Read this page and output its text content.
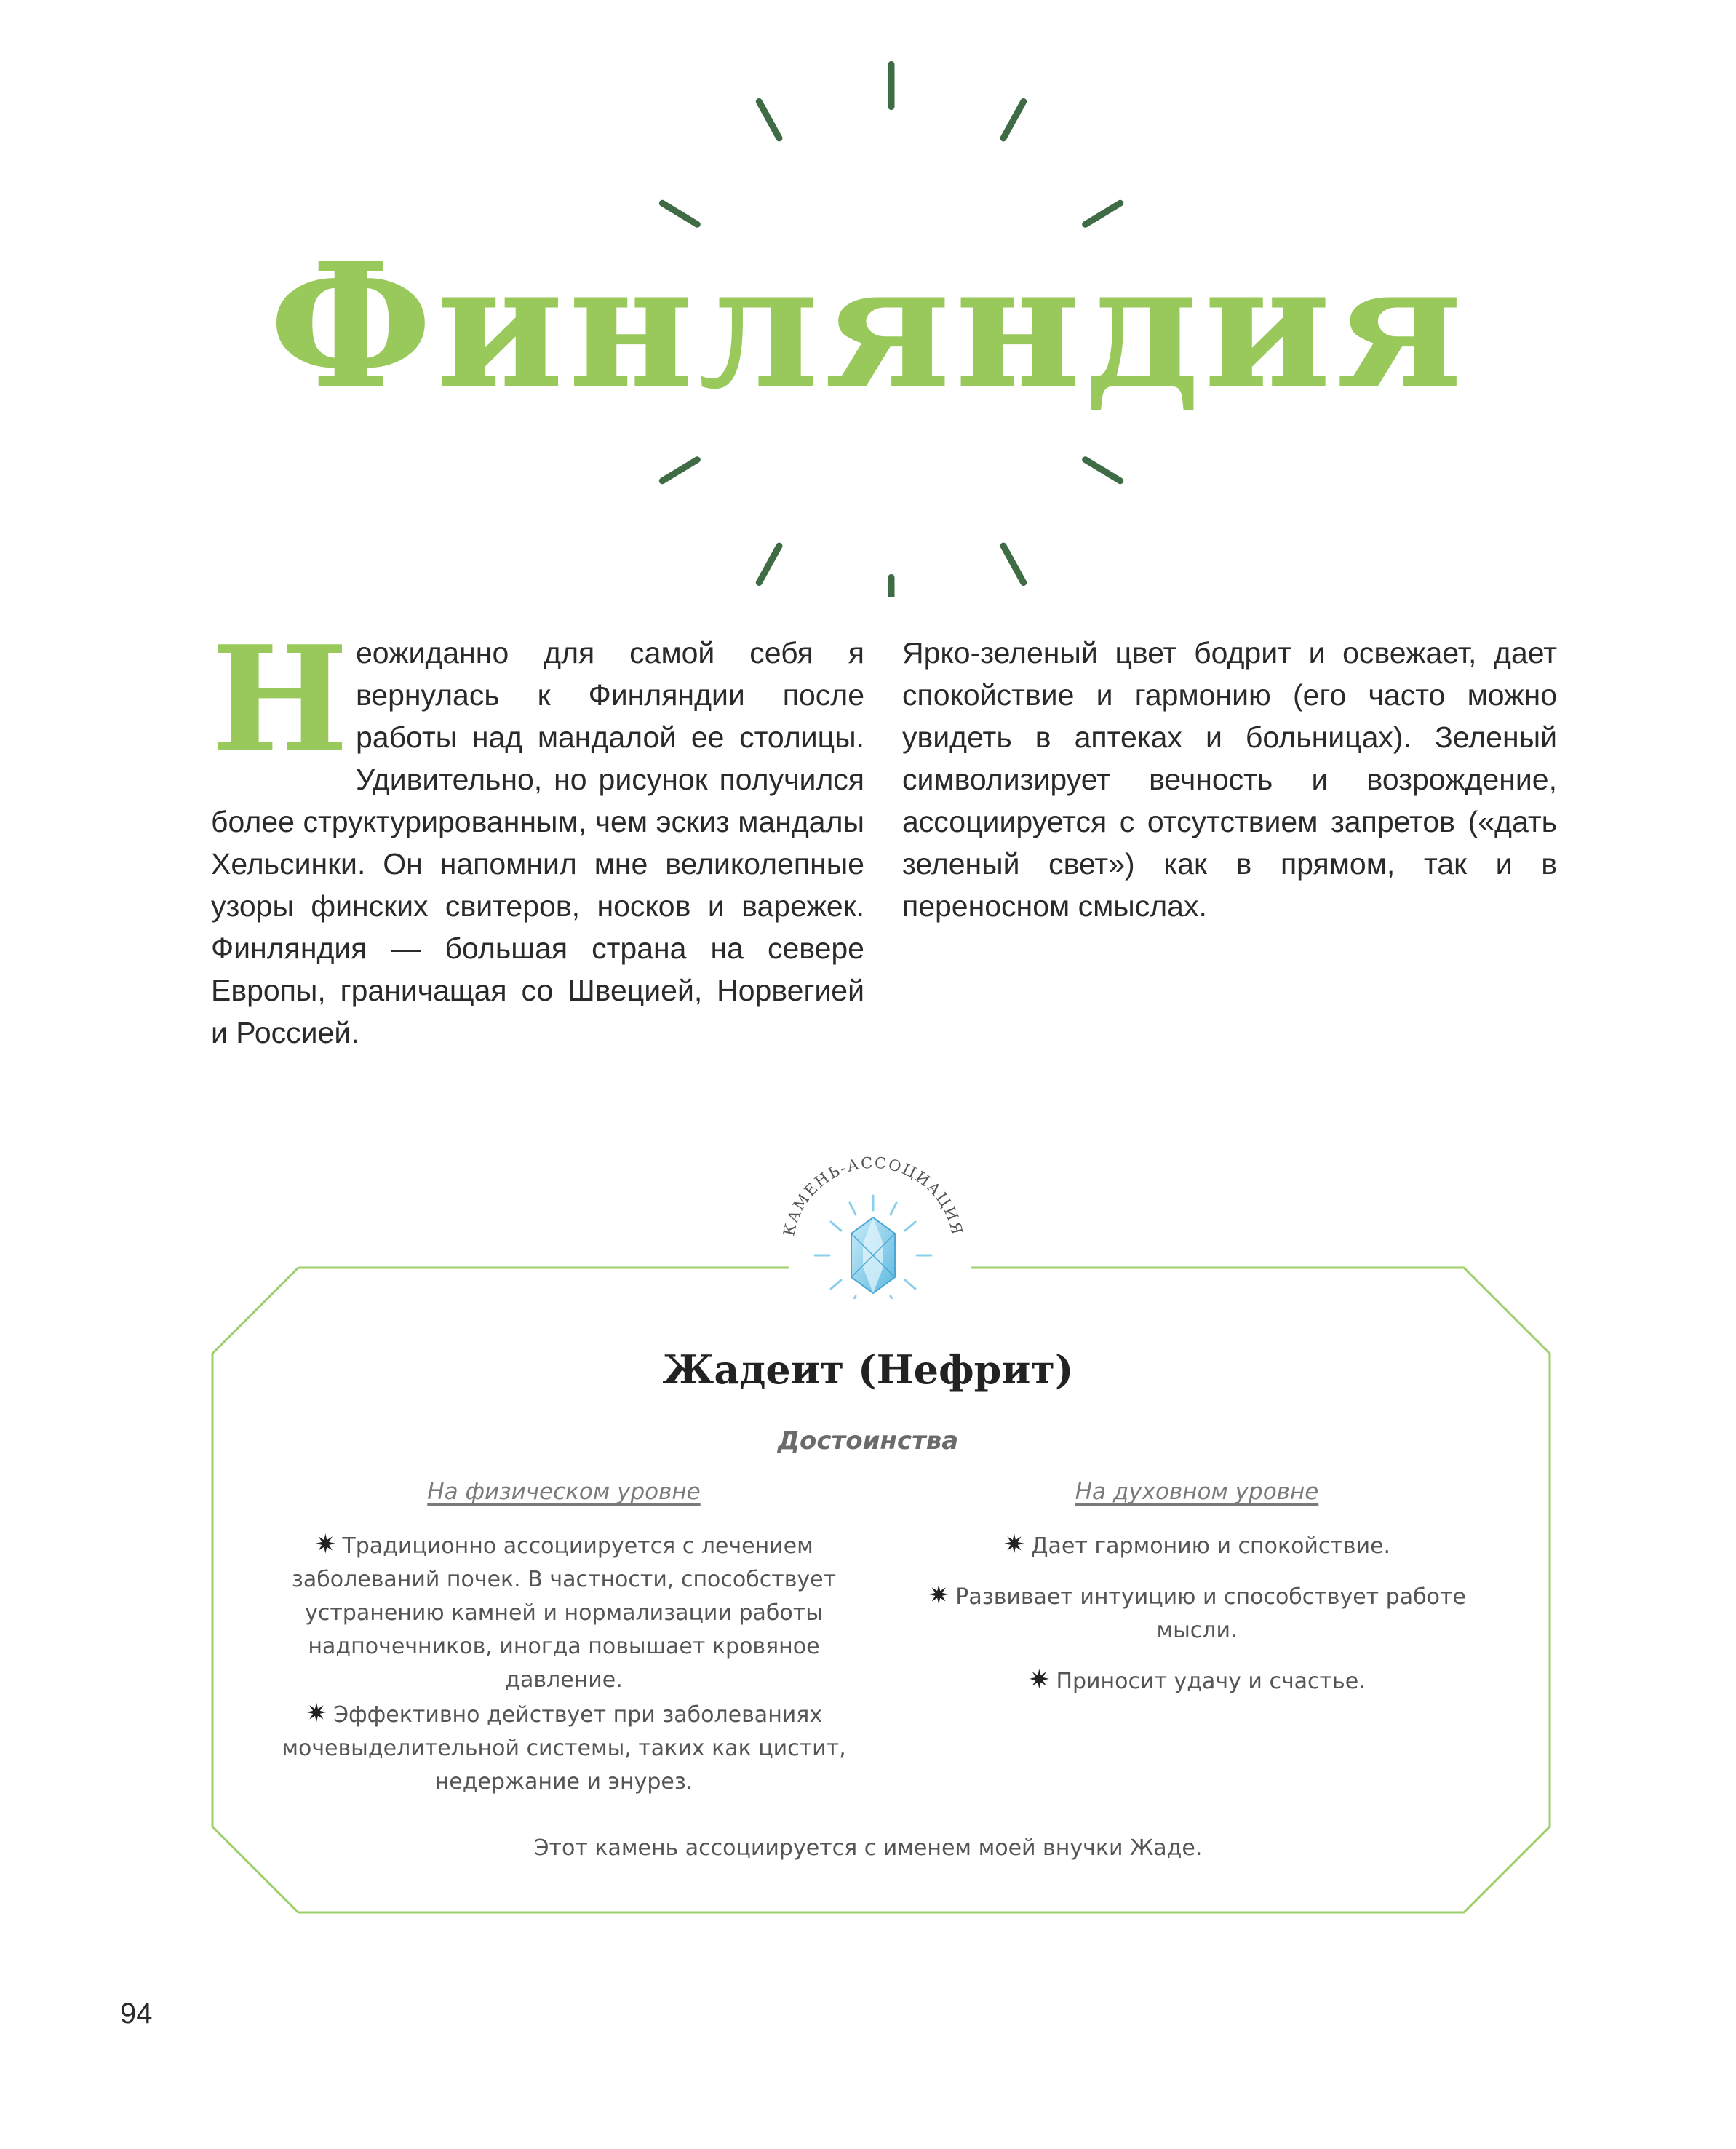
Финляндия
Н еожиданно для самой себя я вернулась к Финляндии после работы над мандалой ее столицы. Удивительно, но рисунок получился более структурированным, чем эскиз мандалы Хельсинки. Он напомнил мне великолепные узоры финских свитеров, носков и варежек. Финляндия — большая страна на севере Европы, граничащая со Швецией, Норвегией и Россией.

Ярко-зеленый цвет бодрит и освежает, дает спокойствие и гармонию (его часто можно увидеть в аптеках и больницах). Зеленый символизирует вечность и возрождение, ассоциируется с отсутствием запретов («дать зеленый свет») как в прямом, так и в переносном смыслах.

КАМЕНЬ-АССОЦИАЦИЯ
Жадеит (Нефрит)
Достоинства
На физическом уровне	На духовном уровне

✷ Традиционно ассоциируется с лечением заболеваний почек. В частности, способствует устранению камней и нормализации работы надпочечников, иногда повышает кровяное давление.

✷ Эффективно действует при заболеваниях мочевыделительной системы, таких как цистит, недержание и энурез.

✷ Дает гармонию и спокойствие.

✷ Развивает интуицию и способствует работе мысли.

✷ Приносит удачу и счастье.

Этот камень ассоциируется с именем моей внучки Жаде.
94
